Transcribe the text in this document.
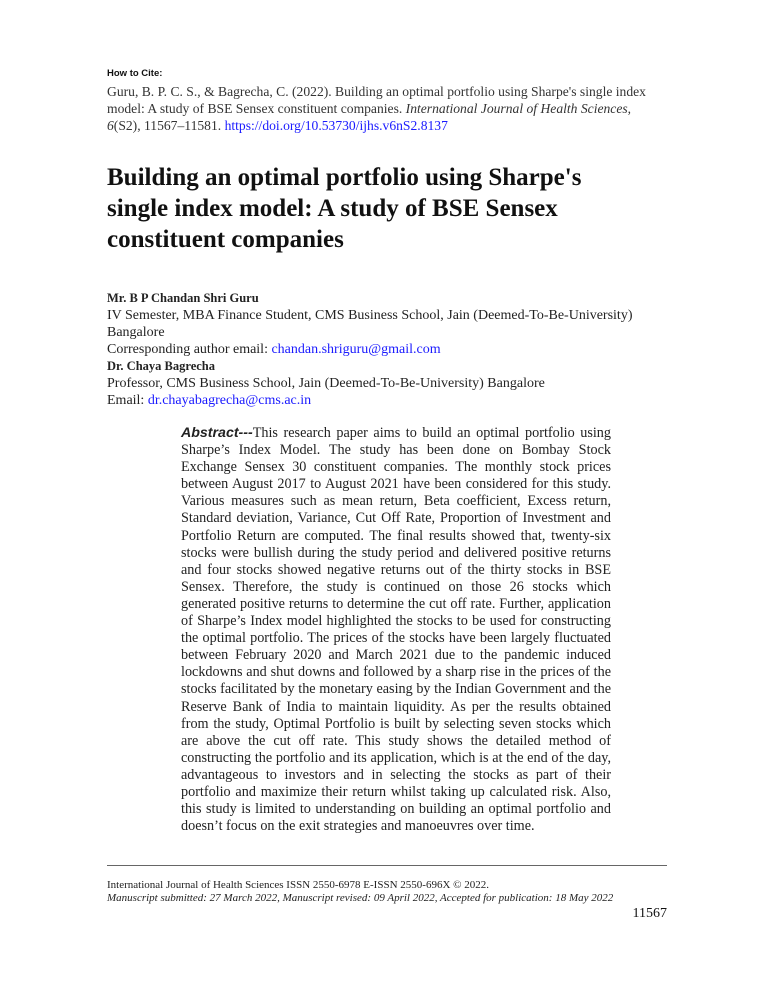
How to Cite:
Guru, B. P. C. S., & Bagrecha, C. (2022). Building an optimal portfolio using Sharpe's single index model: A study of BSE Sensex constituent companies. International Journal of Health Sciences, 6(S2), 11567–11581. https://doi.org/10.53730/ijhs.v6nS2.8137
Building an optimal portfolio using Sharpe's single index model: A study of BSE Sensex constituent companies
Mr. B P Chandan Shri Guru
IV Semester, MBA Finance Student, CMS Business School, Jain (Deemed-To-Be-University) Bangalore
Corresponding author email: chandan.shriguru@gmail.com
Dr. Chaya Bagrecha
Professor, CMS Business School, Jain (Deemed-To-Be-University) Bangalore
Email: dr.chayabagrecha@cms.ac.in
Abstract---This research paper aims to build an optimal portfolio using Sharpe’s Index Model. The study has been done on Bombay Stock Exchange Sensex 30 constituent companies. The monthly stock prices between August 2017 to August 2021 have been considered for this study. Various measures such as mean return, Beta coefficient, Excess return, Standard deviation, Variance, Cut Off Rate, Proportion of Investment and Portfolio Return are computed. The final results showed that, twenty-six stocks were bullish during the study period and delivered positive returns and four stocks showed negative returns out of the thirty stocks in BSE Sensex. Therefore, the study is continued on those 26 stocks which generated positive returns to determine the cut off rate. Further, application of Sharpe’s Index model highlighted the stocks to be used for constructing the optimal portfolio. The prices of the stocks have been largely fluctuated between February 2020 and March 2021 due to the pandemic induced lockdowns and shut downs and followed by a sharp rise in the prices of the stocks facilitated by the monetary easing by the Indian Government and the Reserve Bank of India to maintain liquidity. As per the results obtained from the study, Optimal Portfolio is built by selecting seven stocks which are above the cut off rate. This study shows the detailed method of constructing the portfolio and its application, which is at the end of the day, advantageous to investors and in selecting the stocks as part of their portfolio and maximize their return whilst taking up calculated risk. Also, this study is limited to understanding on building an optimal portfolio and doesn’t focus on the exit strategies and manoeuvres over time.
International Journal of Health Sciences ISSN 2550-6978 E-ISSN 2550-696X © 2022.
Manuscript submitted: 27 March 2022, Manuscript revised: 09 April 2022, Accepted for publication: 18 May 2022
11567
